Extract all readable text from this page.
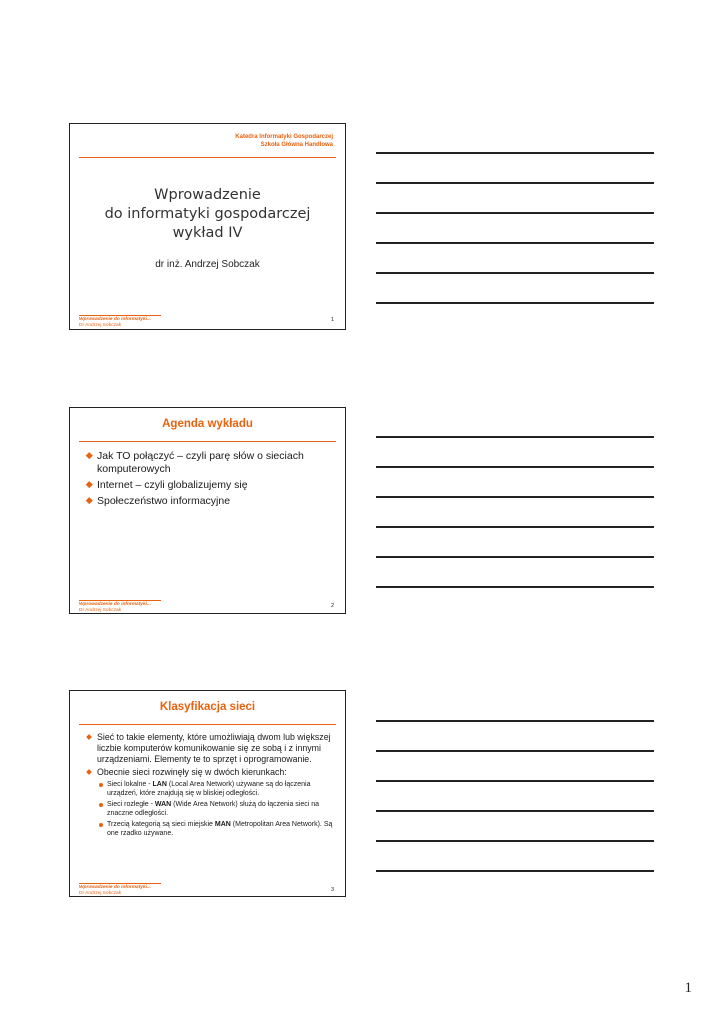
Katedra Informatyki Gospodarczej
Szkoła Główna Handlowa
Wprowadzenie
do informatyki gospodarczej
wykład IV
dr inż. Andrzej Sobczak
Wprowadzenie do informatyki...
Dr Andrzej Sobczak
1
Agenda wykładu
Jak TO połączyć – czyli parę słów o sieciach komputerowych
Internet – czyli globalizujemy się
Społeczeństwo informacyjne
Wprowadzenie do informatyki...
Dr Andrzej Sobczak
2
Klasyfikacja sieci
Sieć to takie elementy, które umożliwiają dwom lub większej liczbie komputerów komunikowanie się ze sobą i z innymi urządzeniami. Elementy te to sprzęt i oprogramowanie.
Obecnie sieci rozwinęły się w dwóch kierunkach:
Sieci lokalne - LAN (Local Area Network) używane są do łączenia urządzeń, które znajdują się w bliskiej odległości.
Sieci rozległe - WAN (Wide Area Network) służą do łączenia sieci na znaczne odległości.
Trzecią kategorią są sieci miejskie MAN (Metropolitan Area Network). Są one rzadko używane.
Wprowadzenie do informatyki...
Dr Andrzej Sobczak
3
1
